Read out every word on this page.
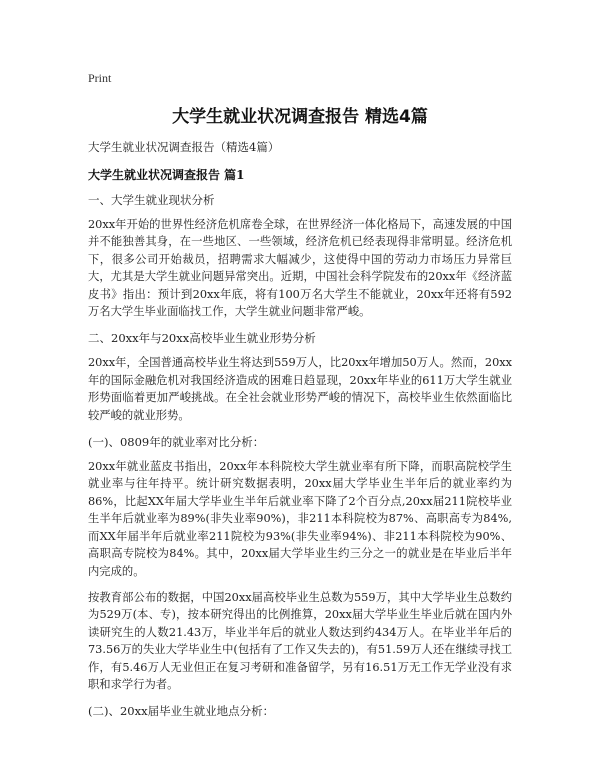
Print
大学生就业状况调查报告 精选4篇
大学生就业状况调查报告（精选4篇）
大学生就业状况调查报告 篇1
一、大学生就业现状分析

20xx年开始的世界性经济危机席卷全球，在世界经济一体化格局下，高速发展的中国并不能独善其身，在一些地区、一些领域，经济危机已经表现得非常明显。经济危机下，很多公司开始裁员，招聘需求大幅减少，这使得中国的劳动力市场压力异常巨大，尤其是大学生就业问题异常突出。近期，中国社会科学院发布的20xx年《经济蓝皮书》指出：预计到20xx年底，将有100万名大学生不能就业，20xx年还将有592万名大学生毕业面临找工作，大学生就业问题非常严峻。

二、20xx年与20xx高校毕业生就业形势分析

20xx年，全国普通高校毕业生将达到559万人，比20xx年增加50万人。然而，20xx年的国际金融危机对我国经济造成的困难日趋显现，20xx年毕业的611万大学生就业形势面临着更加严峻挑战。在全社会就业形势严峻的情况下，高校毕业生依然面临比较严峻的就业形势。

(一)、0809年的就业率对比分析：

20xx年就业蓝皮书指出，20xx年本科院校大学生就业率有所下降，而职高院校学生就业率与往年持平。统计研究数据表明，20xx届大学毕业生半年后的就业率约为86%，比起XX年届大学毕业生半年后就业率下降了2个百分点,20xx届211院校毕业生半年后就业率为89%(非失业率90%)，非211本科院校为87%、高职高专为84%,而XX年届半年后就业率211院校为93%(非失业率94%)、非211本科院校为90%、高职高专院校为84%。其中，20xx届大学毕业生约三分之一的就业是在毕业后半年内完成的。

按教育部公布的数据，中国20xx届高校毕业生总数为559万，其中大学毕业生总数约为529万(本、专)，按本研究得出的比例推算，20xx届大学毕业生毕业后就在国内外读研究生的人数21.43万，毕业半年后的就业人数达到约434万人。在毕业半年后的73.56万的失业大学毕业生中(包括有了工作又失去的)，有51.59万人还在继续寻找工作，有5.46万人无业但正在复习考研和准备留学，另有16.51万无工作无学业没有求职和求学行为者。

(二)、20xx届毕业生就业地点分析：
